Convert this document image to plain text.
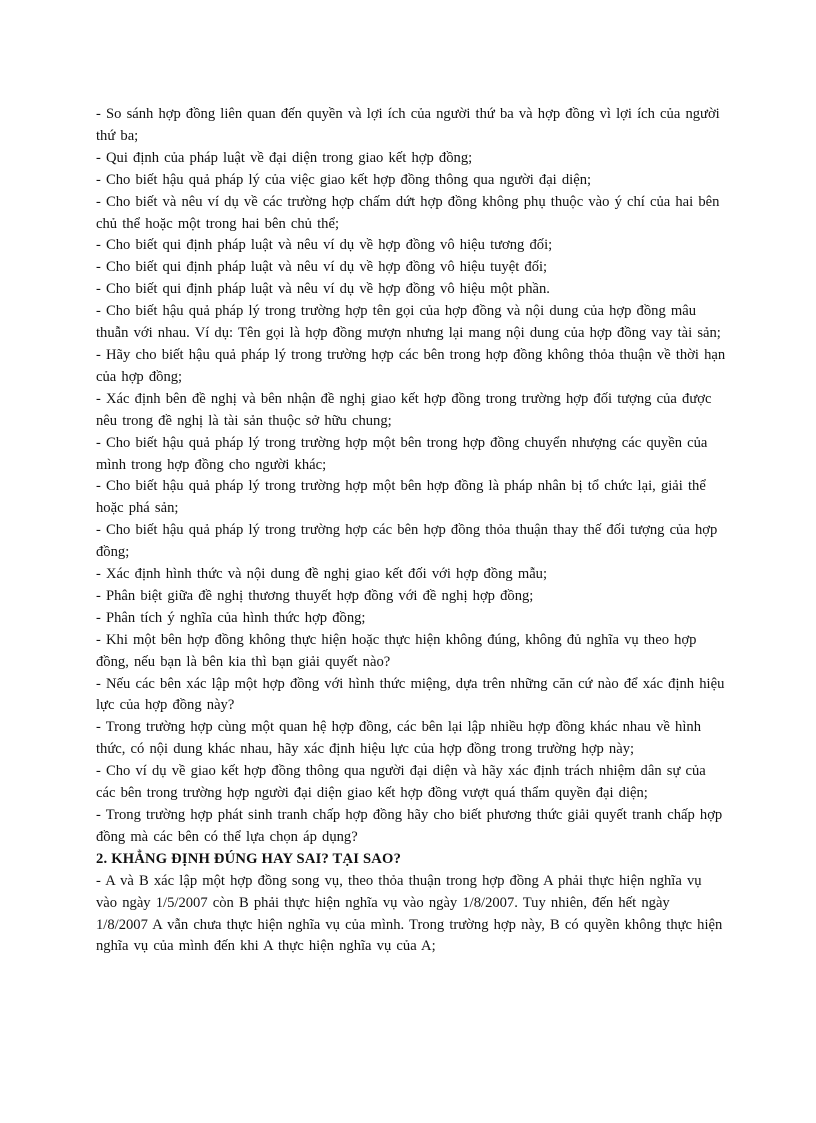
- So sánh hợp đồng liên quan đến quyền và lợi ích của người thứ ba và hợp đồng vì lợi ích của người thứ ba;

- Qui định của pháp luật về đại diện trong giao kết hợp đồng;

- Cho biết hậu quả pháp lý của việc giao kết hợp đồng thông qua người đại diện;

- Cho biết và nêu ví dụ về các trường hợp chấm dứt hợp đồng không phụ thuộc vào ý chí của hai bên chủ thể hoặc một trong hai bên chủ thể;

- Cho biết qui định pháp luật và nêu ví dụ về hợp đồng vô hiệu tương đối;

- Cho biết qui định pháp luật và nêu ví dụ về hợp đồng vô hiệu tuyệt đối;

- Cho biết qui định pháp luật và nêu ví dụ về hợp đồng vô hiệu một phần.

- Cho biết hậu quả pháp lý trong trường hợp tên gọi của hợp đồng và nội dung của hợp đồng mâu thuẫn với nhau. Ví dụ: Tên gọi là hợp đồng mượn nhưng lại mang nội dung của hợp đồng vay tài sản;

- Hãy cho biết hậu quả pháp lý trong trường hợp các bên trong hợp đồng không thỏa thuận về thời hạn của hợp đồng;

- Xác định bên đề nghị và bên nhận đề nghị giao kết hợp đồng trong trường hợp đối tượng của được nêu trong đề nghị là tài sản thuộc sở hữu chung;

- Cho biết hậu quả pháp lý trong trường hợp một bên trong hợp đồng chuyển nhượng các quyền của mình trong hợp đồng cho người khác;

- Cho biết hậu quả pháp lý trong trường hợp một bên hợp đồng là pháp nhân bị tổ chức lại, giải thể hoặc phá sản;

- Cho biết hậu quả pháp lý trong trường hợp các bên hợp đồng thỏa thuận thay thế đối tượng của hợp đồng;

- Xác định hình thức và nội dung đề nghị giao kết đối với hợp đồng mẫu;

- Phân biệt giữa đề nghị thương thuyết hợp đồng với đề nghị hợp đồng;

- Phân tích ý nghĩa của hình thức hợp đồng;

- Khi một bên hợp đồng không thực hiện hoặc thực hiện không đúng, không đủ nghĩa vụ theo hợp đồng, nếu bạn là bên kia thì bạn giải quyết nào?

- Nếu các bên xác lập một hợp đồng với hình thức miệng, dựa trên những căn cứ nào để xác định hiệu lực của hợp đồng này?

- Trong trường hợp cùng một quan hệ hợp đồng, các bên lại lập nhiều hợp đồng khác nhau về hình thức, có nội dung khác nhau, hãy xác định hiệu lực của hợp đồng trong trường hợp này;

- Cho ví dụ về giao kết hợp đồng thông qua người đại diện và hãy xác định trách nhiệm dân sự của các bên trong trường hợp người đại diện giao kết hợp đồng vượt quá thẩm quyền đại diện;

- Trong trường hợp phát sinh tranh chấp hợp đồng hãy cho biết phương thức giải quyết tranh chấp hợp đồng mà các bên có thể lựa chọn áp dụng?

2. KHẲNG ĐỊNH ĐÚNG HAY SAI? TẠI SAO?

- A và B xác lập một hợp đồng song vụ, theo thỏa thuận trong hợp đồng A phải thực hiện nghĩa vụ vào ngày 1/5/2007 còn B phải thực hiện nghĩa vụ vào ngày 1/8/2007. Tuy nhiên, đến hết ngày 1/8/2007 A vẫn chưa thực hiện nghĩa vụ của mình. Trong trường hợp này, B có quyền không thực hiện nghĩa vụ của mình đến khi A thực hiện nghĩa vụ của A;
